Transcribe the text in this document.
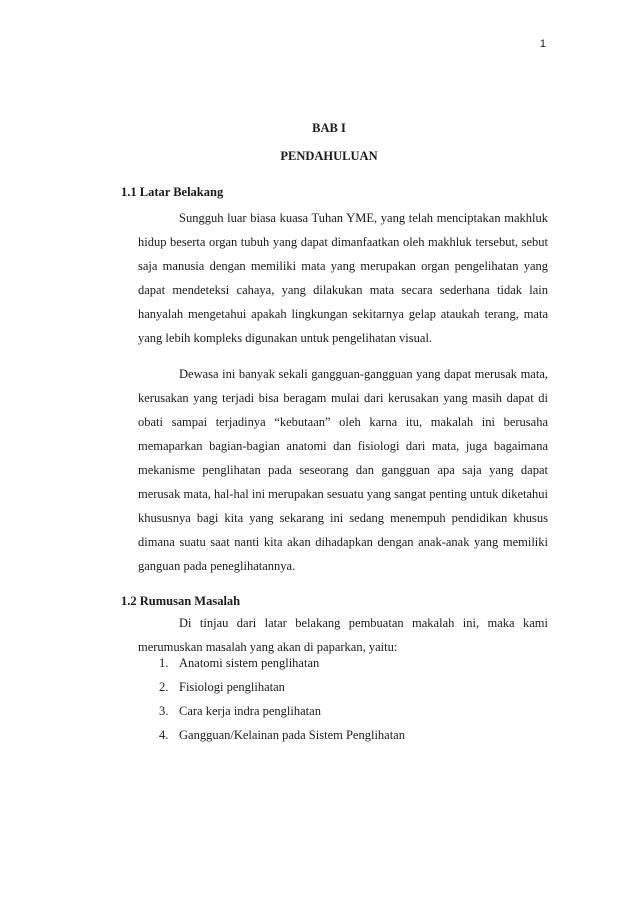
1
BAB I
PENDAHULUAN
1.1 Latar Belakang

Sungguh luar biasa kuasa Tuhan YME, yang telah menciptakan makhluk hidup beserta organ tubuh yang dapat dimanfaatkan oleh makhluk tersebut, sebut saja manusia dengan memiliki mata yang merupakan organ pengelihatan yang dapat mendeteksi cahaya, yang dilakukan mata secara sederhana tidak lain hanyalah mengetahui apakah lingkungan sekitarnya gelap ataukah terang, mata yang lebih kompleks digunakan untuk pengelihatan visual.

Dewasa ini banyak sekali gangguan-gangguan yang dapat merusak mata, kerusakan yang terjadi bisa beragam mulai dari kerusakan yang masih dapat di obati sampai terjadinya “kebutaan” oleh karna itu, makalah ini berusaha memaparkan bagian-bagian anatomi dan fisiologi dari mata, juga bagaimana mekanisme penglihatan pada seseorang dan gangguan apa saja yang dapat merusak mata, hal-hal ini merupakan sesuatu yang sangat penting untuk diketahui khususnya bagi kita yang sekarang ini sedang menempuh pendidikan khusus dimana suatu saat nanti kita akan dihadapkan dengan anak-anak yang memiliki ganguan pada peneglihatannya.

1.2 Rumusan Masalah

Di tinjau dari latar belakang pembuatan makalah ini, maka kami merumuskan masalah yang akan di paparkan, yaitu:

1. Anatomi sistem penglihatan
2. Fisiologi penglihatan
3. Cara kerja indra penglihatan
4. Gangguan/Kelainan pada Sistem Penglihatan
